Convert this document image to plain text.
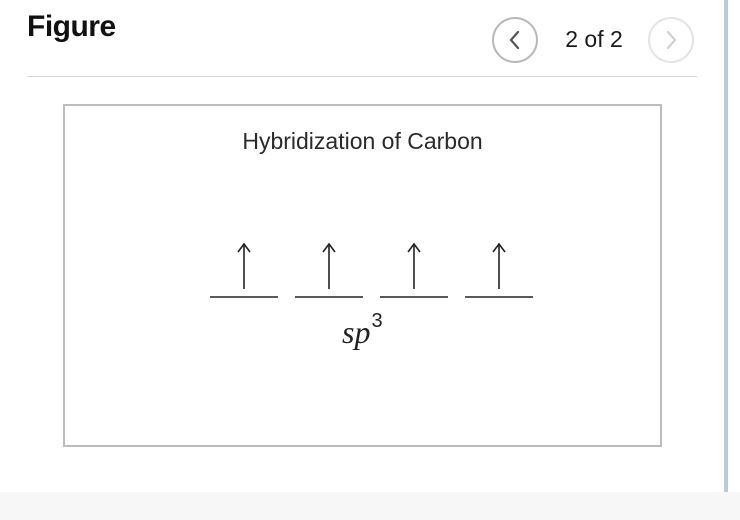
Figure	2 of 2
Hybridization of Carbon
$sp^3$
